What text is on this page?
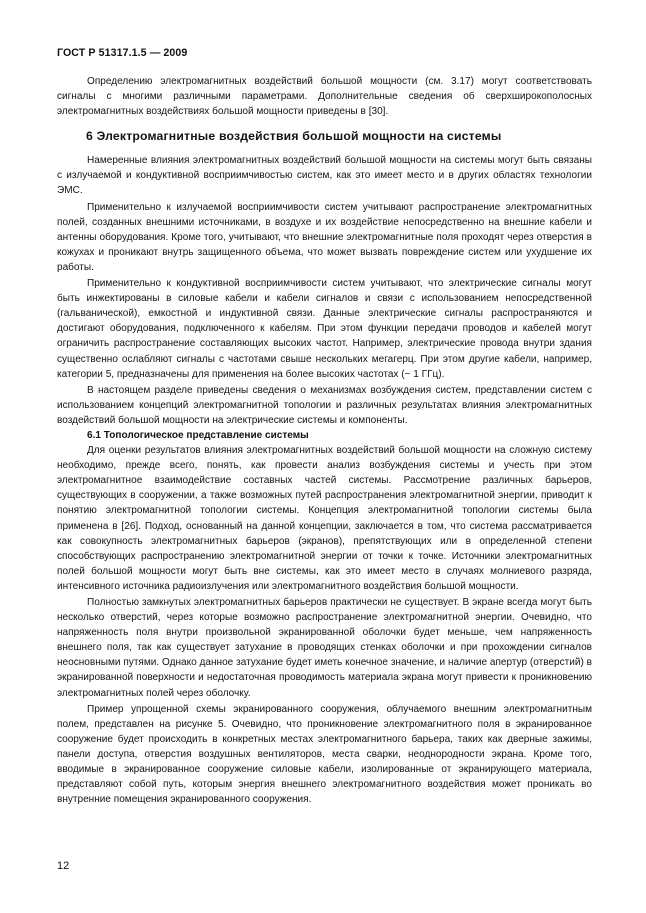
ГОСТ Р 51317.1.5 — 2009

Определению электромагнитных воздействий большой мощности (см. 3.17) могут соответствовать сигналы с многими различными параметрами. Дополнительные сведения об сверхширокополосных электромагнитных воздействиях большой мощности приведены в [30].

6 Электромагнитные воздействия большой мощности на системы

Намеренные влияния электромагнитных воздействий большой мощности на системы могут быть связаны с излучаемой и кондуктивной восприимчивостью систем, как это имеет место и в других областях технологии ЭМС.

Применительно к излучаемой восприимчивости систем учитывают распространение электромагнитных полей, созданных внешними источниками, в воздухе и их воздействие непосредственно на внешние кабели и антенны оборудования. Кроме того, учитывают, что внешние электромагнитные поля проходят через отверстия в кожухах и проникают внутрь защищенного объема, что может вызвать повреждение систем или ухудшение их работы.

Применительно к кондуктивной восприимчивости систем учитывают, что электрические сигналы могут быть инжектированы в силовые кабели и кабели сигналов и связи с использованием непосредственной (гальванической), емкостной и индуктивной связи. Данные электрические сигналы распространяются и достигают оборудования, подключенного к кабелям. При этом функции передачи проводов и кабелей могут ограничить распространение составляющих высоких частот. Например, электрические провода внутри здания существенно ослабляют сигналы с частотами свыше нескольких мегагерц. При этом другие кабели, например, категории 5, предназначены для применения на более высоких частотах (~ 1 ГГц).

В настоящем разделе приведены сведения о механизмах возбуждения систем, представлении систем с использованием концепций электромагнитной топологии и различных результатах влияния электромагнитных воздействий большой мощности на электрические системы и компоненты.

6.1 Топологическое представление системы

Для оценки результатов влияния электромагнитных воздействий большой мощности на сложную систему необходимо, прежде всего, понять, как провести анализ возбуждения системы и учесть при этом электромагнитное взаимодействие составных частей системы. Рассмотрение различных барьеров, существующих в сооружении, а также возможных путей распространения электромагнитной энергии, приводит к понятию электромагнитной топологии системы. Концепция электромагнитной топологии системы была применена в [26]. Подход, основанный на данной концепции, заключается в том, что система рассматривается как совокупность электромагнитных барьеров (экранов), препятствующих или в определенной степени способствующих распространению электромагнитной энергии от точки к точке. Источники электромагнитных полей большой мощности могут быть вне системы, как это имеет место в случаях молниевого разряда, интенсивного источника радиоизлучения или электромагнитного воздействия большой мощности.

Полностью замкнутых электромагнитных барьеров практически не существует. В экране всегда могут быть несколько отверстий, через которые возможно распространение электромагнитной энергии. Очевидно, что напряженность поля внутри произвольной экранированной оболочки будет меньше, чем напряженность внешнего поля, так как существует затухание в проводящих стенках оболочки и при прохождении сигналов неосновными путями. Однако данное затухание будет иметь конечное значение, и наличие апертур (отверстий) в экранированной поверхности и недостаточная проводимость материала экрана могут привести к проникновению электромагнитных полей через оболочку.

Пример упрощенной схемы экранированного сооружения, облучаемого внешним электромагнитным полем, представлен на рисунке 5. Очевидно, что проникновение электромагнитного поля в экранированное сооружение будет происходить в конкретных местах электромагнитного барьера, таких как дверные зажимы, панели доступа, отверстия воздушных вентиляторов, места сварки, неоднородности экрана. Кроме того, вводимые в экранированное сооружение силовые кабели, изолированные от экранирующего материала, представляют собой путь, которым энергия внешнего электромагнитного воздействия может проникать во внутренние помещения экранированного сооружения.

12
